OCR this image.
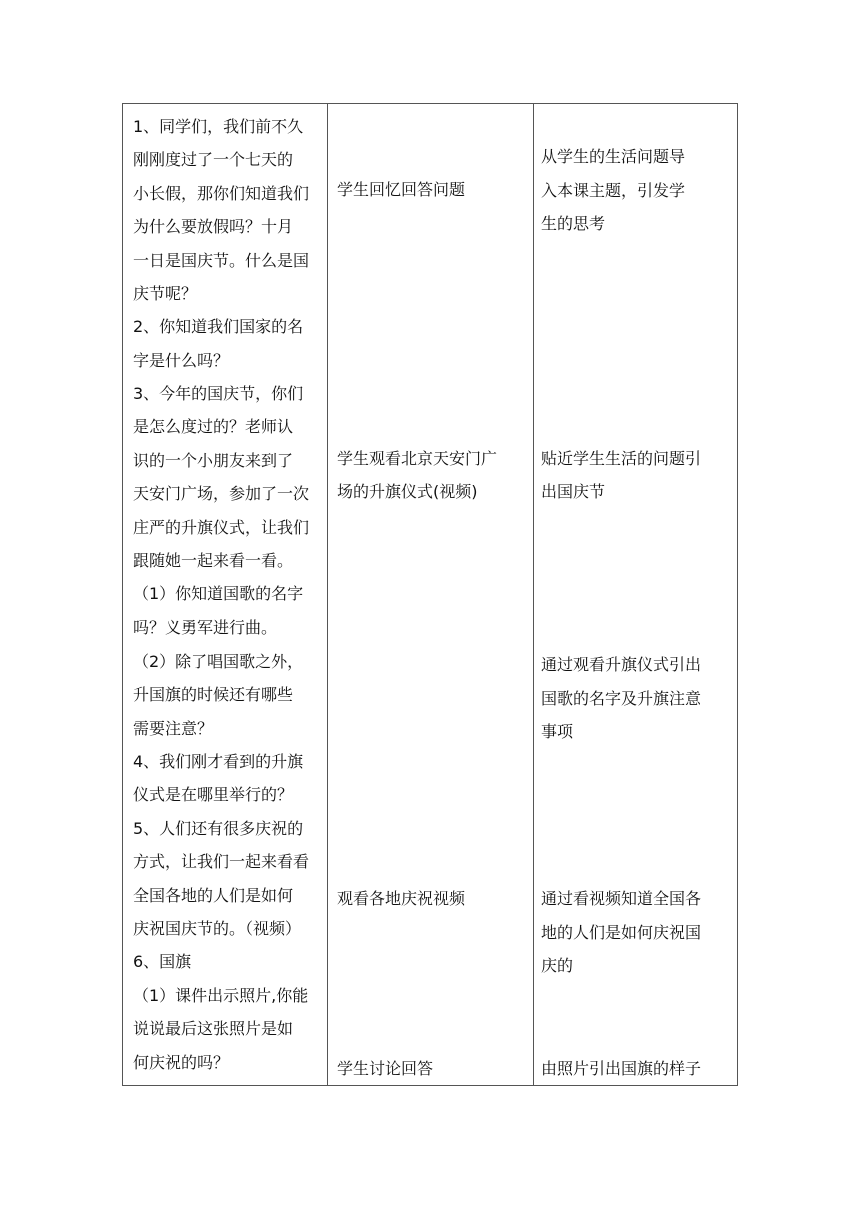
1、同学们，我们前不久
刚刚度过了一个七天的
小长假，那你们知道我们
为什么要放假吗？十月
一日是国庆节。什么是国
庆节呢？
2、你知道我们国家的名
字是什么吗？
3、今年的国庆节，你们
是怎么度过的？老师认
识的一个小朋友来到了
天安门广场，参加了一次
庄严的升旗仪式，让我们
跟随她一起来看一看。
（1）你知道国歌的名字
吗？义勇军进行曲。
（2）除了唱国歌之外，
升国旗的时候还有哪些
需要注意？
4、我们刚才看到的升旗
仪式是在哪里举行的？
5、人们还有很多庆祝的
方式，让我们一起来看看
全国各地的人们是如何
庆祝国庆节的。（视频）
6、国旗
（1）课件出示照片,你能
说说最后这张照片是如
何庆祝的吗？
学生回忆回答问题
学生观看北京天安门广
场的升旗仪式(视频)
观看各地庆祝视频
学生讨论回答
从学生的生活问题导
入本课主题，引发学
生的思考
贴近学生生活的问题引
出国庆节
通过观看升旗仪式引出
国歌的名字及升旗注意
事项
通过看视频知道全国各
地的人们是如何庆祝国
庆的
由照片引出国旗的样子
